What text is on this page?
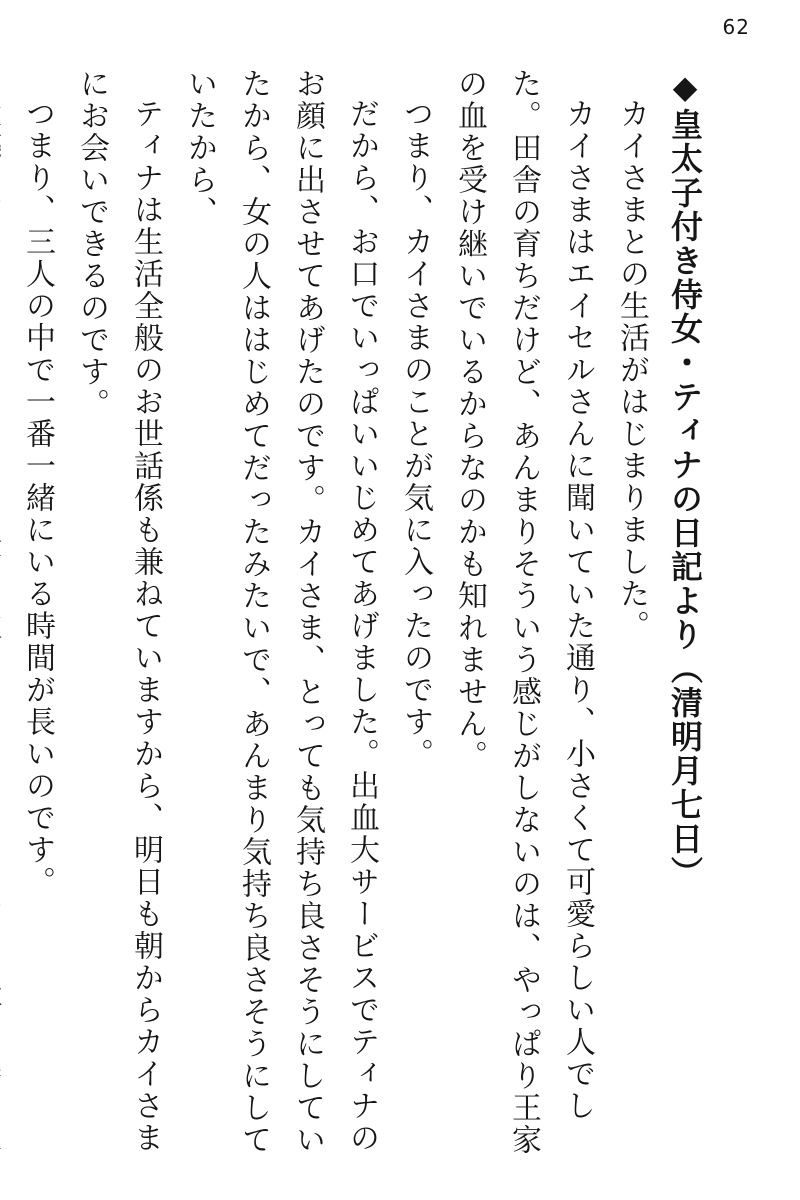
62

◆皇太子付き侍女・ティナの日記より（清明月七日）

カイさまとの生活がはじまりました。

カイさまはエイセルさんに聞いていた通り、小さくて可愛らしい人でした。田舎の育ちだけど、あんまりそういう感じがしないのは、やっぱり王家の血を受け継いでいるからなのかも知れません。

つまり、カイさまのことが気に入ったのです。

だから、お口でいっぱいいじめてあげました。出血大サービスでティナのお顔に出させてあげたのです。カイさま、とっても気持ち良さそうにしていたから、女の人ははじめてだったみたいで、あんまり気持ち良さそうにしていたから、

ティナは生活全般のお世話係も兼ねていますから、明日も朝からカイさまにお会いできるのです。

つまり、三人の中で一番一緒にいる時間が長いのです。
